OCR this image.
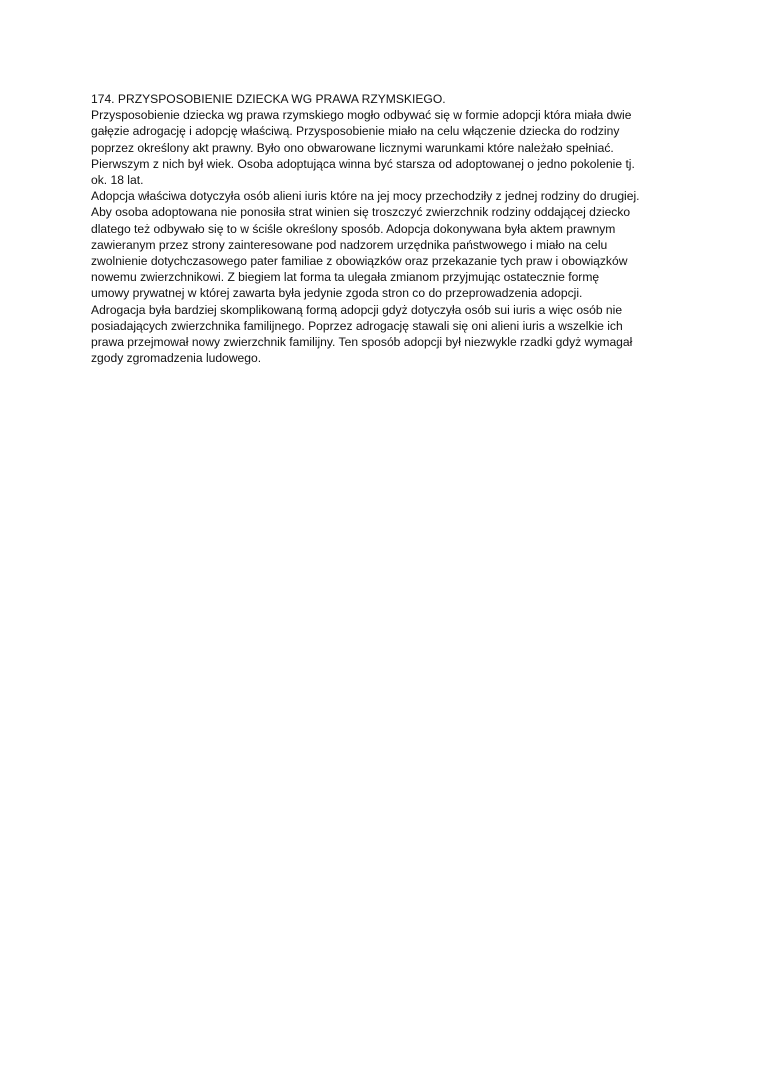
174. PRZYSPOSOBIENIE DZIECKA WG PRAWA RZYMSKIEGO.
Przysposobienie dziecka wg prawa rzymskiego mogło odbywać się w formie adopcji która miała dwie
gałęzie adrogację i adopcję właściwą. Przysposobienie miało na celu włączenie dziecka do rodziny
poprzez określony akt prawny. Było ono obwarowane licznymi warunkami które należało spełniać.
Pierwszym z nich był wiek. Osoba adoptująca winna być starsza od adoptowanej o jedno pokolenie tj.
ok. 18 lat.
Adopcja właściwa dotyczyła osób alieni iuris które na jej mocy przechodziły z jednej rodziny do drugiej.
Aby osoba adoptowana nie ponosiła strat winien się troszczyć zwierzchnik rodziny oddającej dziecko
dlatego też odbywało się to w ściśle określony sposób. Adopcja dokonywana była aktem prawnym
zawieranym przez strony zainteresowane pod nadzorem urzędnika państwowego i miało na celu
zwolnienie dotychczasowego pater familiae z obowiązków oraz przekazanie tych praw i obowiązków
nowemu zwierzchnikowi. Z biegiem lat forma ta ulegała zmianom przyjmując ostatecznie formę
umowy prywatnej w której zawarta była jedynie zgoda stron co do przeprowadzenia adopcji.
Adrogacja była bardziej skomplikowaną formą adopcji gdyż dotyczyła osób sui iuris a więc osób nie
posiadających zwierzchnika familijnego. Poprzez adrogację stawali się oni alieni iuris a wszelkie ich
prawa przejmował nowy zwierzchnik familijny. Ten sposób adopcji był niezwykle rzadki gdyż wymagał
zgody zgromadzenia ludowego.
